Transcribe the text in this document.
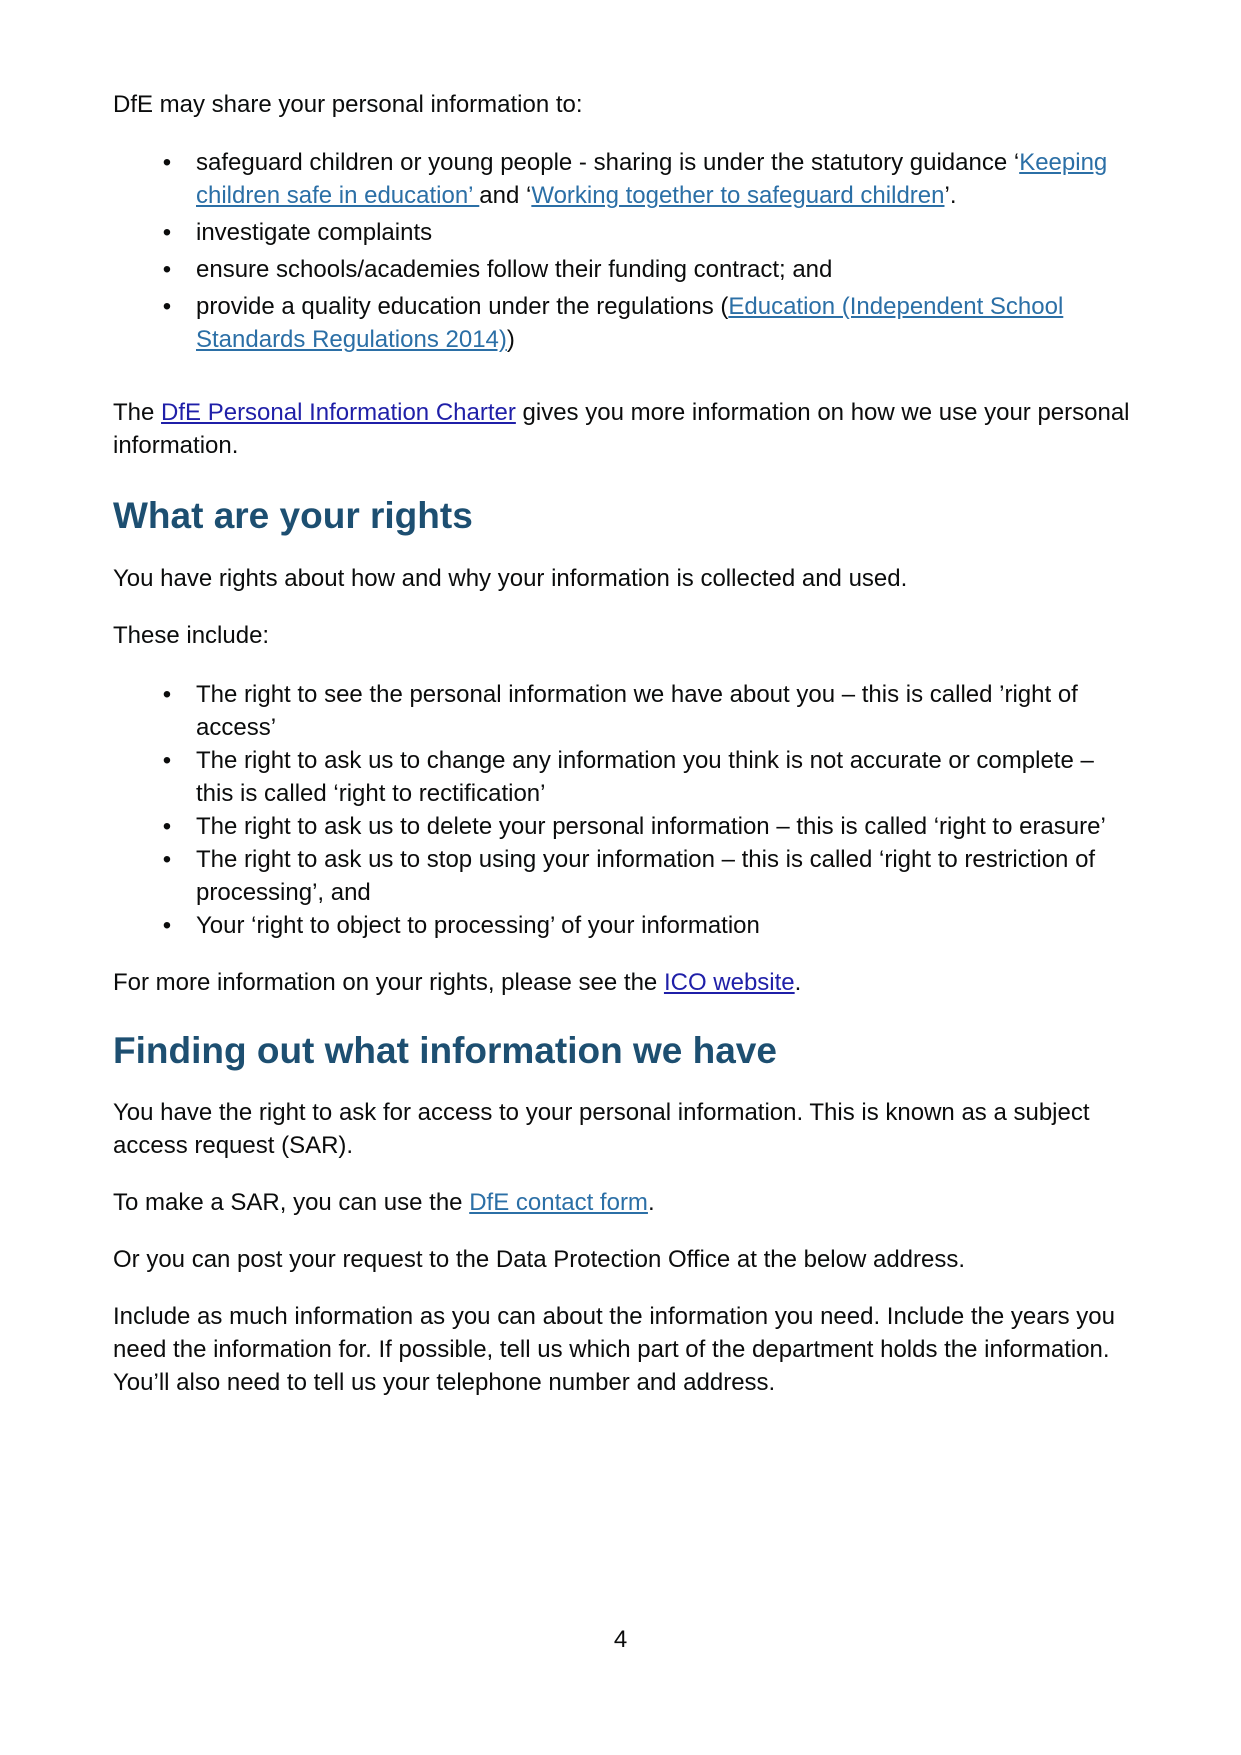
DfE may share your personal information to:

• safeguard children or young people - sharing is under the statutory guidance ‘Keeping children safe in education’ and ‘Working together to safeguard children’.
• investigate complaints
• ensure schools/academies follow their funding contract; and
• provide a quality education under the regulations (Education (Independent School Standards Regulations 2014))

The DfE Personal Information Charter gives you more information on how we use your personal information.

What are your rights

You have rights about how and why your information is collected and used.

These include:

• The right to see the personal information we have about you – this is called ’right of access’
• The right to ask us to change any information you think is not accurate or complete – this is called ‘right to rectification’
• The right to ask us to delete your personal information – this is called ‘right to erasure’
• The right to ask us to stop using your information – this is called ‘right to restriction of processing’, and
• Your ‘right to object to processing’ of your information

For more information on your rights, please see the ICO website.

Finding out what information we have

You have the right to ask for access to your personal information. This is known as a subject access request (SAR).

To make a SAR, you can use the DfE contact form.

Or you can post your request to the Data Protection Office at the below address.

Include as much information as you can about the information you need. Include the years you need the information for. If possible, tell us which part of the department holds the information. You’ll also need to tell us your telephone number and address.

4
